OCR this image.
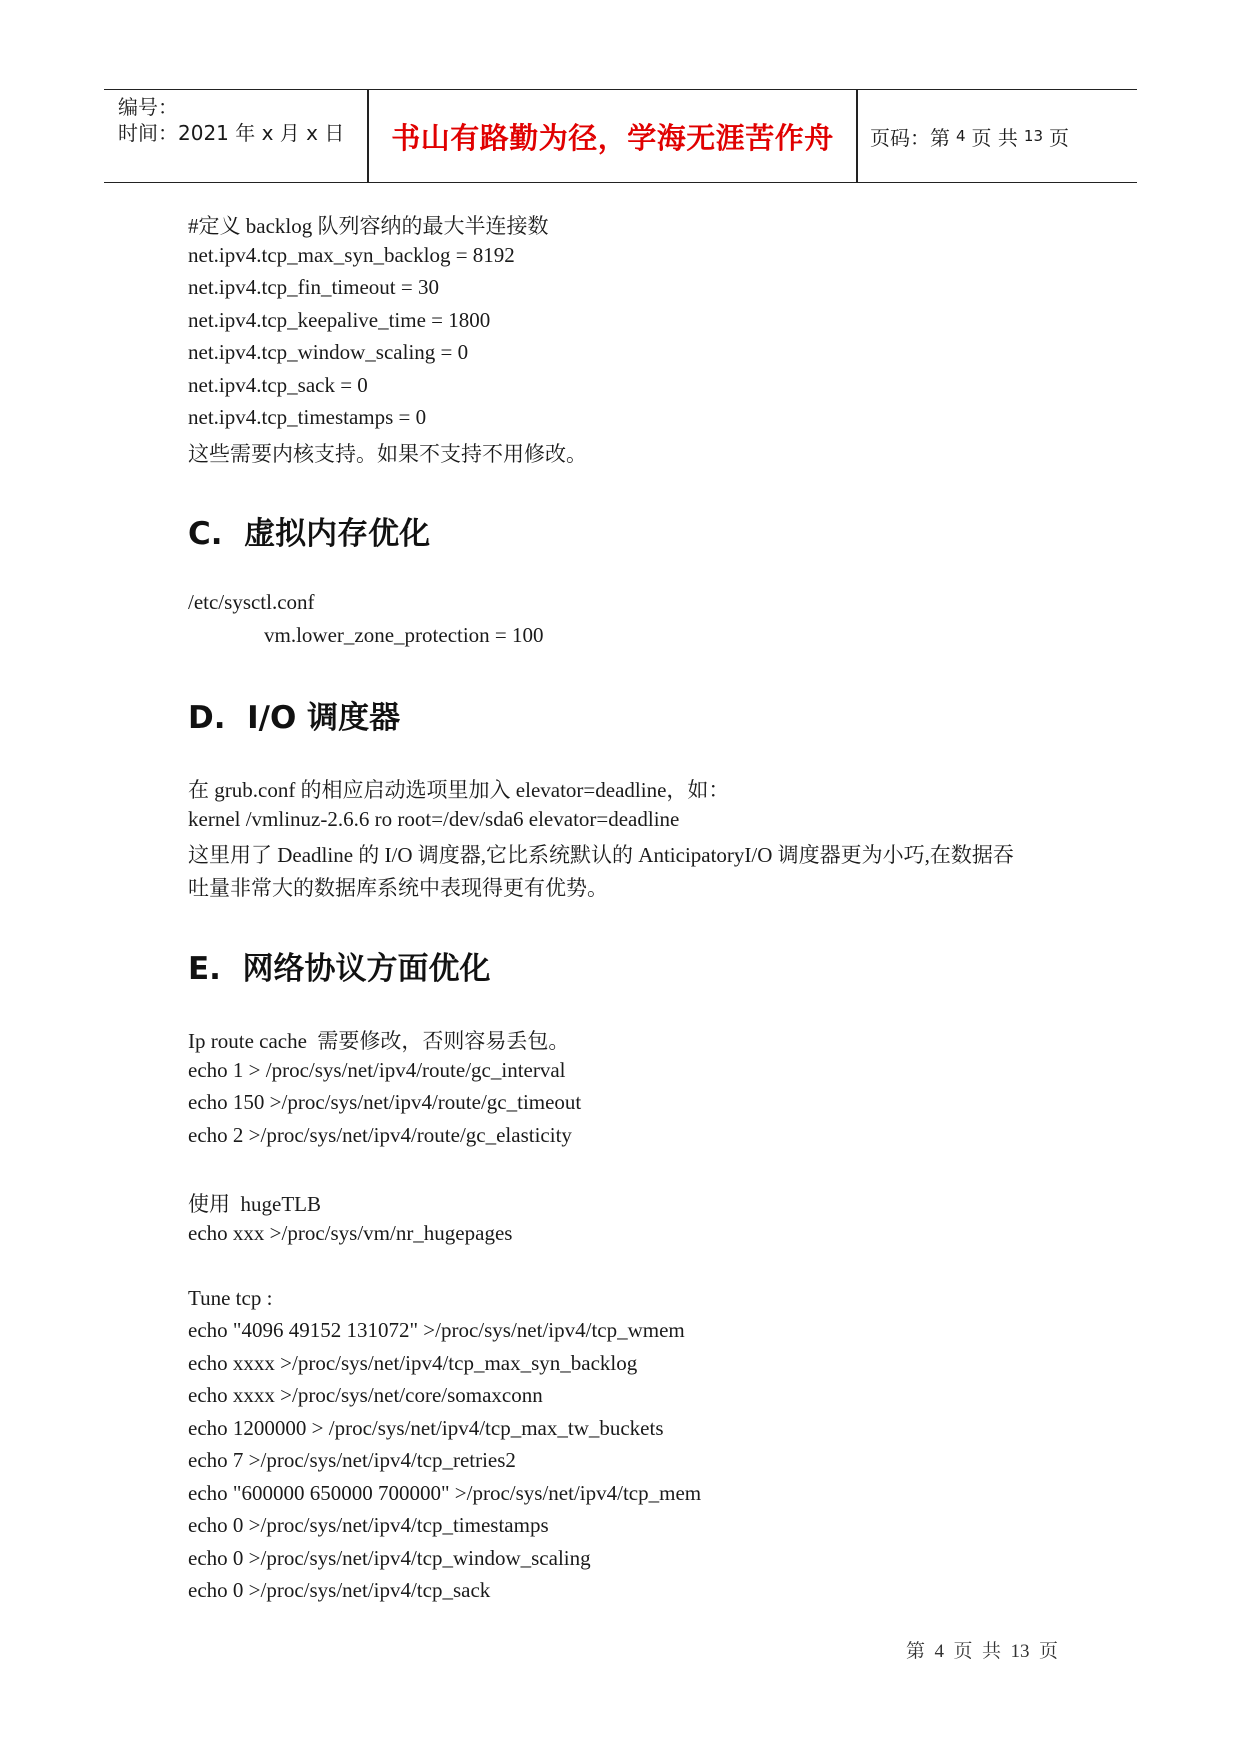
编号：
时间：2021 年 x 月 x 日	书山有路勤为径，学海无涯苦作舟	页码：第 4 页 共 13 页
#定义 backlog 队列容纳的最大半连接数
net.ipv4.tcp_max_syn_backlog = 8192
net.ipv4.tcp_fin_timeout = 30
net.ipv4.tcp_keepalive_time = 1800
net.ipv4.tcp_window_scaling = 0
net.ipv4.tcp_sack = 0
net.ipv4.tcp_timestamps = 0
这些需要内核支持。如果不支持不用修改。
C.  虚拟内存优化
/etc/sysctl.conf
vm.lower_zone_protection = 100
D.  I/O 调度器
在 grub.conf 的相应启动选项里加入 elevator=deadline，如：
kernel /vmlinuz-2.6.6 ro root=/dev/sda6 elevator=deadline
这里用了 Deadline 的 I/O 调度器,它比系统默认的 AnticipatoryI/O 调度器更为小巧,在数据吞
吐量非常大的数据库系统中表现得更有优势。
E.  网络协议方面优化
Ip route cache  需要修改，否则容易丢包。
echo 1 > /proc/sys/net/ipv4/route/gc_interval
echo 150 >/proc/sys/net/ipv4/route/gc_timeout
echo 2 >/proc/sys/net/ipv4/route/gc_elasticity
使用  hugeTLB
echo xxx >/proc/sys/vm/nr_hugepages
Tune tcp :
echo "4096 49152 131072" >/proc/sys/net/ipv4/tcp_wmem
echo xxxx >/proc/sys/net/ipv4/tcp_max_syn_backlog
echo xxxx >/proc/sys/net/core/somaxconn
echo 1200000 > /proc/sys/net/ipv4/tcp_max_tw_buckets
echo 7 >/proc/sys/net/ipv4/tcp_retries2
echo "600000 650000 700000" >/proc/sys/net/ipv4/tcp_mem
echo 0 >/proc/sys/net/ipv4/tcp_timestamps
echo 0 >/proc/sys/net/ipv4/tcp_window_scaling
echo 0 >/proc/sys/net/ipv4/tcp_sack
第  4  页  共  13  页
